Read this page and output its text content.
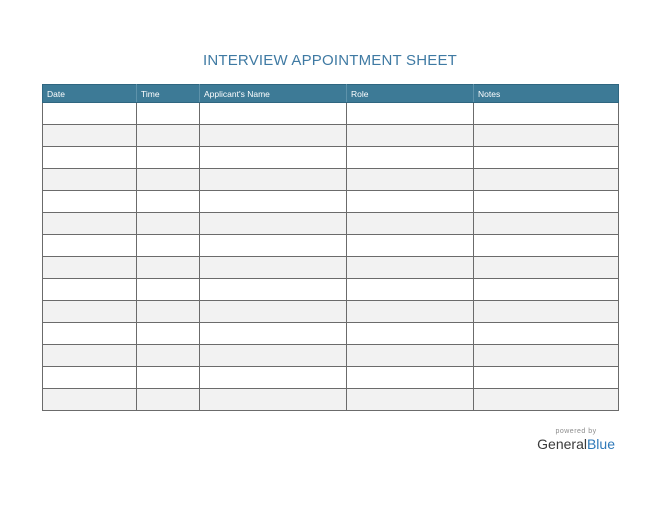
INTERVIEW APPOINTMENT SHEET
Date	Time	Applicant's Name	Role	Notes

powered by
GeneralBlue
